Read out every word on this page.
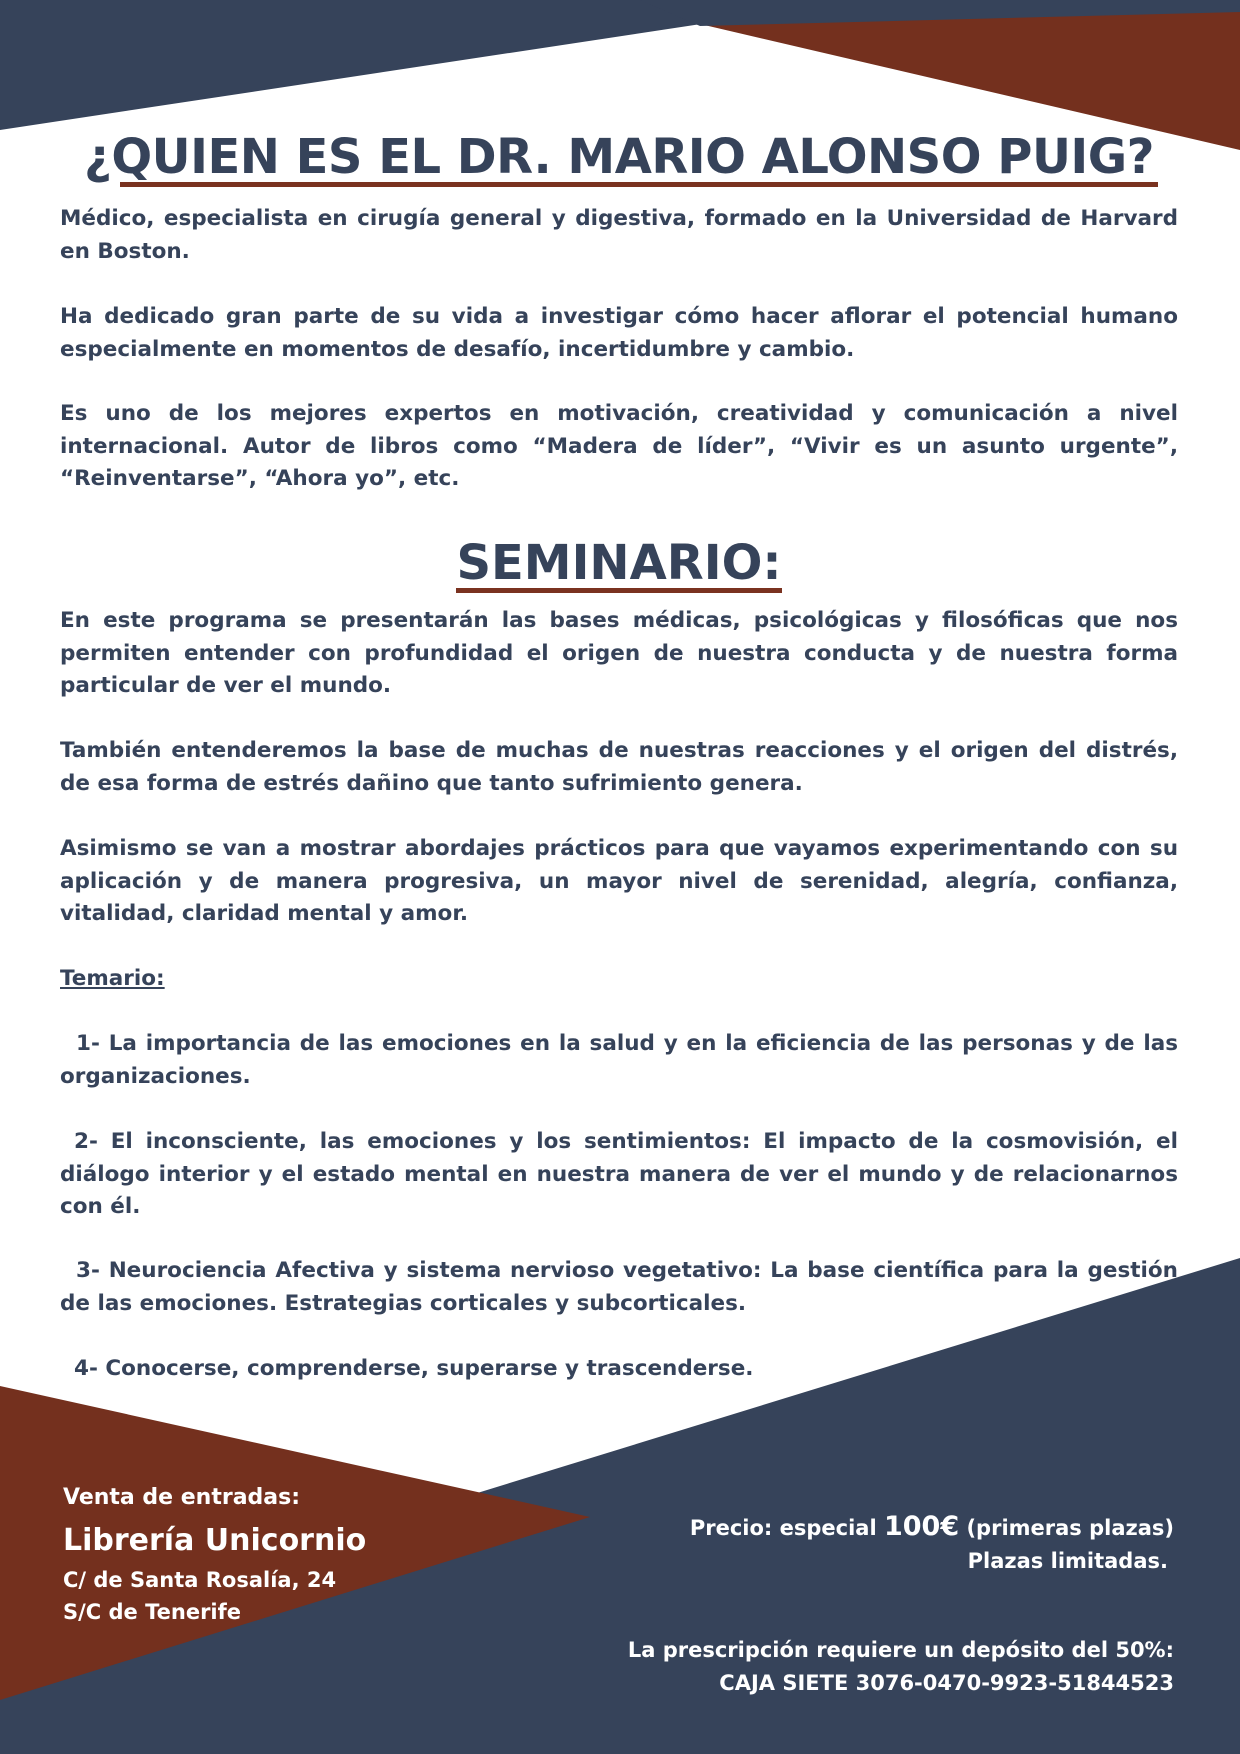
¿QUIEN ES EL DR. MARIO ALONSO PUIG?

Médico, especialista en cirugía general y digestiva, formado en la Universidad de Harvard en Boston.

Ha dedicado gran parte de su vida a investigar cómo hacer aflorar el potencial humano especialmente en momentos de desafío, incertidumbre y cambio.

Es uno de los mejores expertos en motivación, creatividad y comunicación a nivel internacional. Autor de libros como “Madera de líder”, “Vivir es un asunto urgente”, “Reinventarse”, “Ahora yo”, etc.

SEMINARIO:

En este programa se presentarán las bases médicas, psicológicas y filosóficas que nos permiten entender con profundidad el origen de nuestra conducta y de nuestra forma particular de ver el mundo.

También entenderemos la base de muchas de nuestras reacciones y el origen del distrés, de esa forma de estrés dañino que tanto sufrimiento genera.

Asimismo se van a mostrar abordajes prácticos para que vayamos experimentando con su aplicación y de manera progresiva, un mayor nivel de serenidad, alegría, confianza, vitalidad, claridad mental y amor.

Temario:

1- La importancia de las emociones en la salud y en la eficiencia de las personas y de las organizaciones.

2- El inconsciente, las emociones y los sentimientos: El impacto de la cosmovisión, el diálogo interior y el estado mental en nuestra manera de ver el mundo y de relacionarnos con él.

3- Neurociencia Afectiva y sistema nervioso vegetativo: La base científica para la gestión de las emociones. Estrategias corticales y subcorticales.

4- Conocerse, comprenderse, superarse y trascenderse.

Venta de entradas:
Librería Unicornio
C/ de Santa Rosalía, 24
S/C de Tenerife
Precio: especial 100€ (primeras plazas)
Plazas limitadas.
La prescripción requiere un depósito del 50%:
CAJA SIETE 3076-0470-9923-51844523
